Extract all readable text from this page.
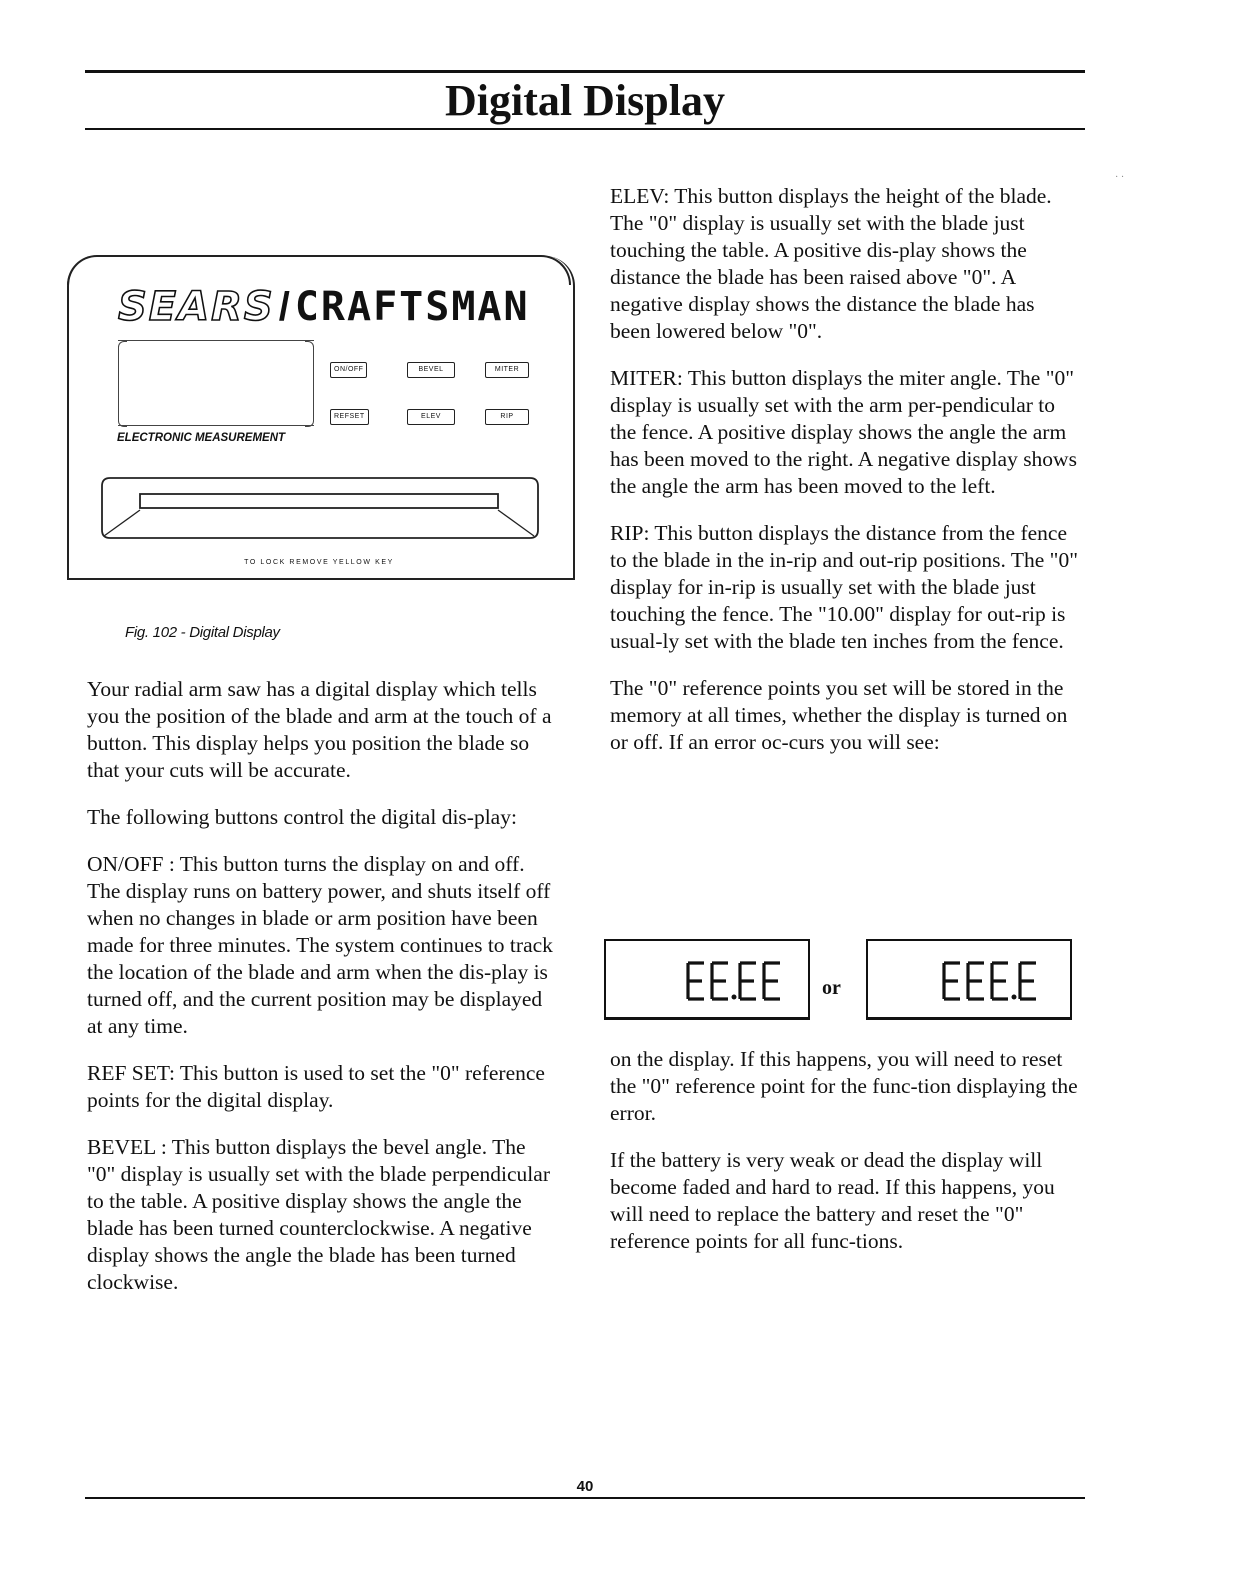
Digital Display
· ·
SEARS / CRAFTSMAN
ON/OFF	BEVEL	MITER
REFSET	ELEV	RIP
ELECTRONIC MEASUREMENT
TO LOCK REMOVE YELLOW KEY
Fig. 102 - Digital Display

Your radial arm saw has a digital display which tells you the position of the blade and arm at the touch of a button. This display helps you position the blade so that your cuts will be accurate.

The following buttons control the digital dis-play:

ON/OFF : This button turns the display on and off. The display runs on battery power, and shuts itself off when no changes in blade or arm position have been made for three minutes. The system continues to track the location of the blade and arm when the dis-play is turned off, and the current position may be displayed at any time.

REF SET: This button is used to set the "0" reference points for the digital display.

BEVEL : This button displays the bevel angle. The "0" display is usually set with the blade perpendicular to the table. A positive display shows the angle the blade has been turned counterclockwise. A negative display shows the angle the blade has been turned clockwise.

ELEV: This button displays the height of the blade. The "0" display is usually set with the blade just touching the table. A positive dis-play shows the distance the blade has been raised above "0". A negative display shows the distance the blade has been lowered below "0".

MITER: This button displays the miter angle. The "0" display is usually set with the arm per-pendicular to the fence. A positive display shows the angle the arm has been moved to the right. A negative display shows the angle the arm has been moved to the left.

RIP: This button displays the distance from the fence to the blade in the in-rip and out-rip positions. The "0" display for in-rip is usually set with the blade just touching the fence. The "10.00" display for out-rip is usual-ly set with the blade ten inches from the fence.

The "0" reference points you set will be stored in the memory at all times, whether the display is turned on or off. If an error oc-curs you will see:

or

on the display. If this happens, you will need to reset the "0" reference point for the func-tion displaying the error.

If the battery is very weak or dead the display will become faded and hard to read. If this happens, you will need to replace the battery and reset the "0" reference points for all func-tions.

40
